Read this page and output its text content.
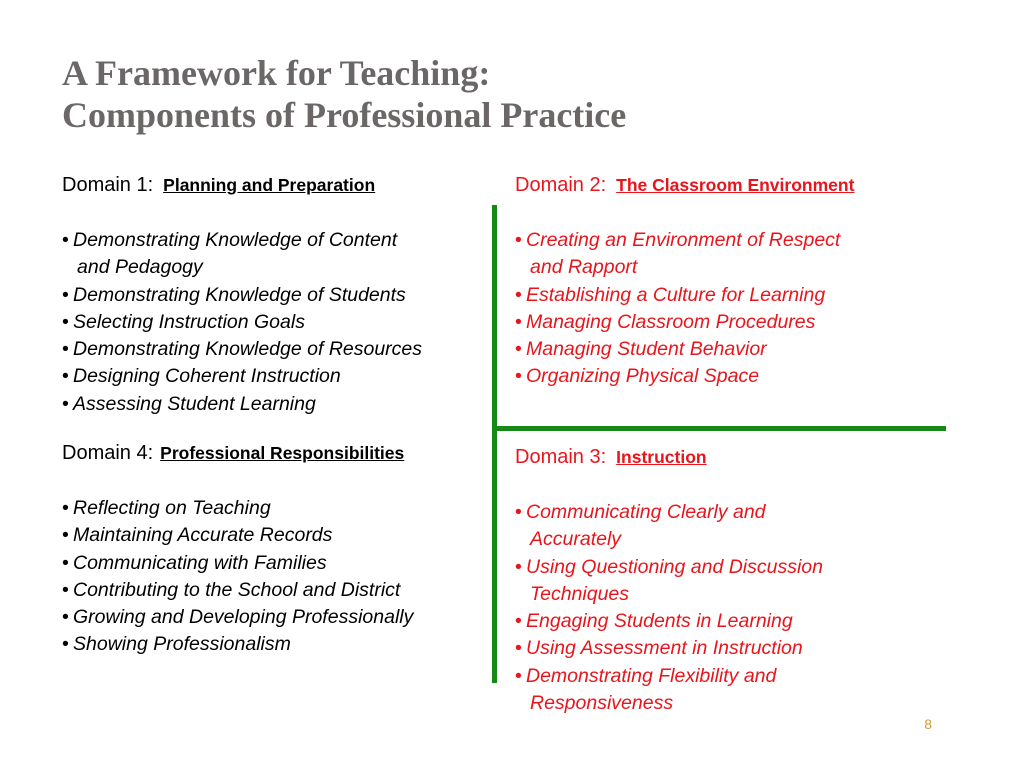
A Framework for Teaching:
Components of Professional Practice
Domain 1: Planning and Preparation
• Demonstrating Knowledge of Content
and Pedagogy
• Demonstrating Knowledge of Students
• Selecting Instruction Goals
• Demonstrating Knowledge of Resources
• Designing Coherent Instruction
• Assessing Student Learning
Domain 2: The Classroom Environment
• Creating an Environment of Respect
and Rapport
• Establishing a Culture for Learning
• Managing Classroom Procedures
• Managing Student Behavior
• Organizing Physical Space
Domain 4: Professional Responsibilities
• Reflecting on Teaching
• Maintaining Accurate Records
• Communicating with Families
• Contributing to the School and District
• Growing and Developing Professionally
• Showing Professionalism
Domain 3: Instruction
• Communicating Clearly and
Accurately
• Using Questioning and Discussion
Techniques
• Engaging Students in Learning
• Using Assessment in Instruction
• Demonstrating Flexibility and
Responsiveness
8
